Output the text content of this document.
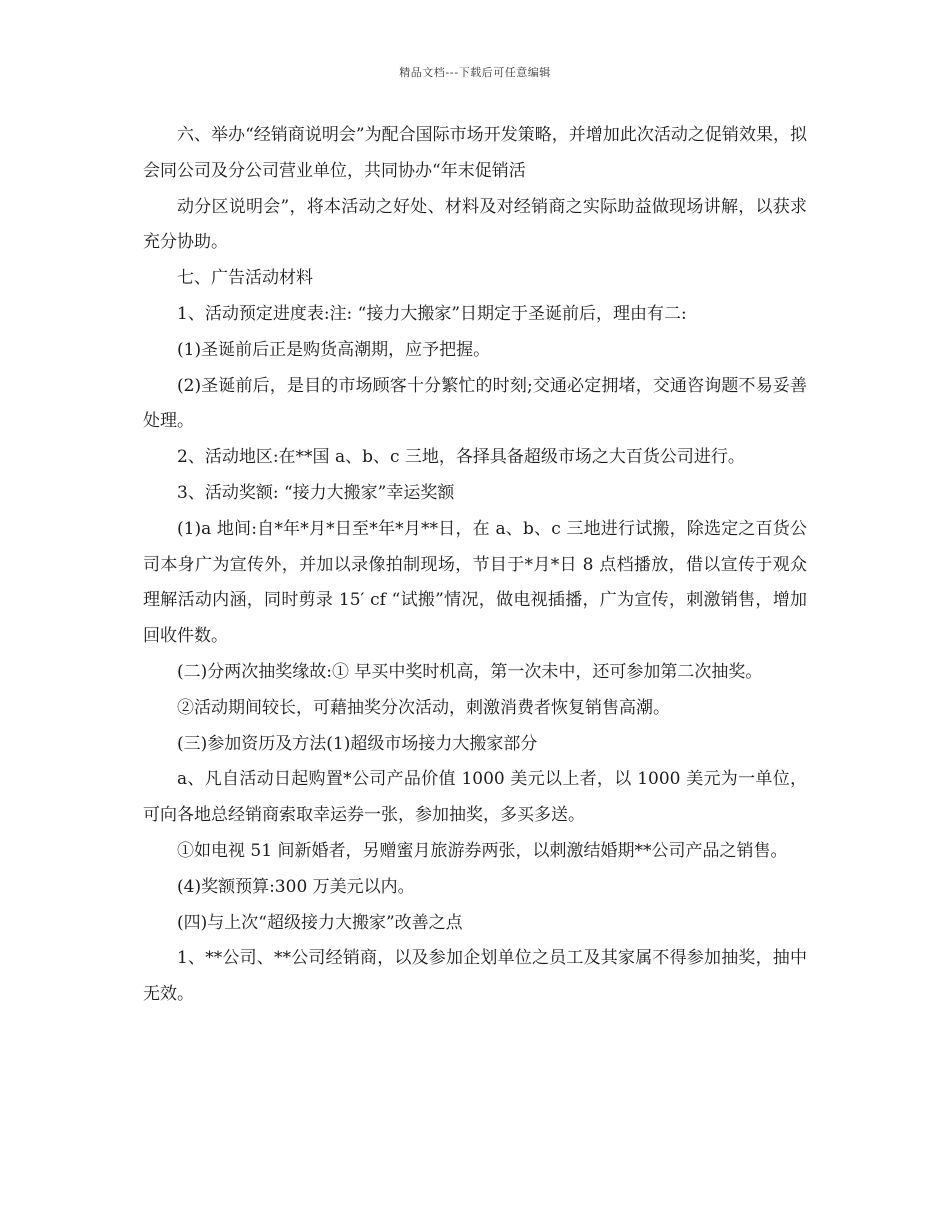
精品文档---下载后可任意编辑

六、举办“经销商说明会”为配合国际市场开发策略，并增加此次活动之促销效果，拟会同公司及分公司营业单位，共同协办“年末促销活

动分区说明会”，将本活动之好处、材料及对经销商之实际助益做现场讲解，以获求充分协助。

七、广告活动材料

1、活动预定进度表:注: “接力大搬家”日期定于圣诞前后，理由有二:

(1)圣诞前后正是购货高潮期，应予把握。

(2)圣诞前后，是目的市场顾客十分繁忙的时刻;交通必定拥堵，交通咨询题不易妥善处理。

2、活动地区:在**国 a、b、c 三地，各择具备超级市场之大百货公司进行。

3、活动奖额: “接力大搬家”幸运奖额

(1)a 地间:自*年*月*日至*年*月**日，在 a、b、c 三地进行试搬，除选定之百货公司本身广为宣传外，并加以录像拍制现场，节目于*月*日 8 点档播放，借以宣传于观众理解活动内涵，同时剪录 15′ cf “试搬”情况，做电视插播，广为宣传，刺激销售，增加回收件数。

(二)分两次抽奖缘故:① 早买中奖时机高，第一次未中，还可参加第二次抽奖。

②活动期间较长，可藉抽奖分次活动，刺激消费者恢复销售高潮。

(三)参加资历及方法(1)超级市场接力大搬家部分

a、凡自活动日起购置*公司产品价值 1000 美元以上者，以 1000 美元为一单位，可向各地总经销商索取幸运券一张，参加抽奖，多买多送。

①如电视 51 间新婚者，另赠蜜月旅游券两张，以刺激结婚期**公司产品之销售。

(4)奖额预算:300 万美元以内。

(四)与上次“超级接力大搬家”改善之点

1、**公司、**公司经销商，以及参加企划单位之员工及其家属不得参加抽奖，抽中无效。
